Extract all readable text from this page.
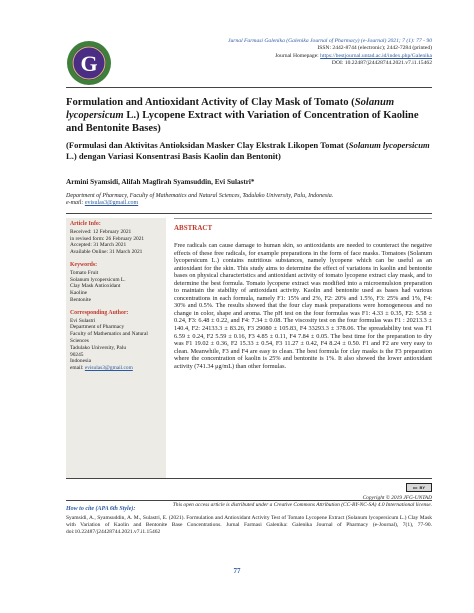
G
Jurnal Farmasi Galenika (Galenika Journal of Pharmacy) (e-Journal) 2021; 7 (1): 77 - 90
ISSN: 2442-8744 (electronic); 2442-7284 (printed)
Journal Homepage: https://bestjournal.untad.ac.id/index.php/Galenika
DOI: 10.22487/j24428744.2021.v7.i1.15462
Formulation and Antioxidant Activity of Clay Mask of Tomato (Solanum lycopersicum L.) Lycopene Extract with Variation of Concentration of Kaoline and Bentonite Bases)
(Formulasi dan Aktivitas Antioksidan Masker Clay Ekstrak Likopen Tomat (Solanum lycopersicum L.) dengan Variasi Konsentrasi Basis Kaolin dan Bentonit)
Armini Syamsidi, Alifah Magfirah Syamsuddin, Evi Sulastri*
Department of Pharmacy, Faculty of Mathematics and Natural Sciences, Tadulako University, Palu, Indonesia.
e-mail: evisulas3@gmail.com
Article Info:
Received: 12 February 2021
in revised form: 26 February 2021
Accepted: 31 March 2021
Available Online: 31 March 2021
Keywords:
Tomato Fruit
Solanum lycopersicum L.
Clay Mask Antioxidant
Kaoline
Bentonite
Corresponding Author:
Evi Sulastri
Department of Pharmacy
Faculty of Mathematics and Natural
Sciences
Tadulako University, Palu
90245
Indonesia
email: evisulas3@gmail.com
ABSTRACT
Free radicals can cause damage to human skin, so antioxidants are needed to counteract the negative effects of these free radicals, for example preparations in the form of face masks. Tomatoes (Solanum lycopersicum L.) contains nutritious substances, namely lycopene which can be useful as an antioxidant for the skin. This study aims to determine the effect of variations in kaolin and bentonite bases on physical characteristics and antioxidant activity of tomato lycopene extract clay mask, and to determine the best formula. Tomato lycopene extract was modified into a microemulsion preparation to maintain the stability of antioxidant activity. Kaolin and bentonite used as bases had various concentrations in each formula, namely F1: 15% and 2%, F2: 20% and 1.5%, F3: 25% and 1%, F4: 30% and 0.5%. The results showed that the four clay mask preparations were homogeneous and no change in color, shape and aroma. The pH test on the four formulas was F1: 4.33 ± 0.35, F2: 5.58 ± 0.24, F3: 6.48 ± 0.22, and F4: 7.34 ± 0.08. The viscosity test on the four formulas was F1 : 20213.3 ± 140.4, F2: 24133.3 ± 83.26, F3 29080 ± 105.83, F4 33293.3 ± 378.06. The spreadability test was F1 6.59 ± 0.24, F2 5.59 ± 0.16, F3 4.85 ± 0.11, F4 7.84 ± 0.05. The best time for the preparation to dry was F1 19.02 ± 0.36, F2 15.33 ± 0.54, F3 11.27 ± 0.42, F4 8.24 ± 0.50. F1 and F2 are very easy to clean. Meanwhile, F3 and F4 are easy to clean. The best formula for clay masks is the F3 preparation where the concentration of kaolin is 25% and bentonite is 1%. It also showed the lower antioxidant activity (741.34 μg/mL) than other formulas.
cc BY
Copyright © 2019 JFG-UNTAD
This open access article is distributed under a Creative Commons Attribution (CC-BY-NC-SA) 4.0 International license.
How to cite (APA 6th Style):
Syamsidi, A., Syamsuddin, A. M., Sulastri, E. (2021). Formulation and Antioxidant Activity Test of Tomato Lycopene Extract (Solanum lycopersicum L.) Clay Mask with Variation of Kaolin and Bentonite Base Concentrations. Jurnal Farmasi Galenika: Galenika Journal of Pharmacy (e-Journal), 7(1), 77-90. doi:10.22487/j24428744.2021.v7.i1.15462
77
